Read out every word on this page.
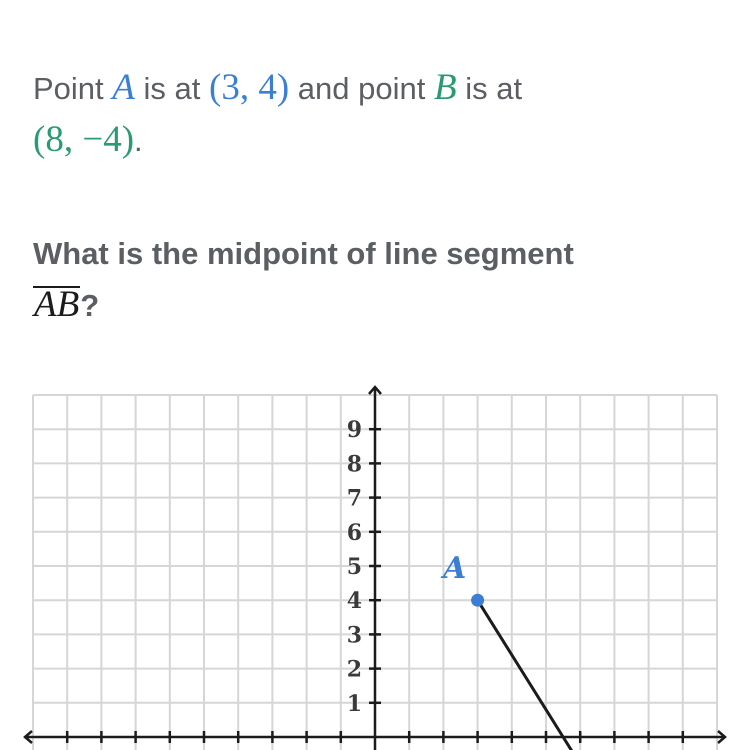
Point A is at (3, 4) and point B is at
(8, −4).
What is the midpoint of line segment
AB?
1
2
3
4
5
6
7
8
9
A
